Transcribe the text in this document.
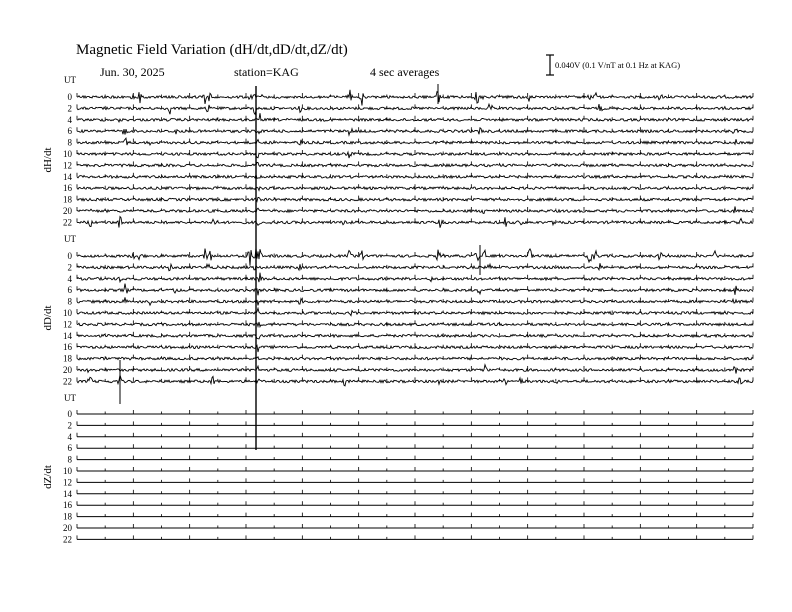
Magnetic Field Variation (dH/dt,dD/dt,dZ/dt)
Jun. 30, 2025	station=KAG	4 sec averages	0.040V (0.1 V/nT at 0.1 Hz at KAG)
UT
UT
UT
dH/dt
dD/dt
dZ/dt
0
2
4
6
8
10
12
14
16
18
20
22
0
2
4
6
8
10
12
14
16
18
20
22
0
2
4
6
8
10
12
14
16
18
20
22
